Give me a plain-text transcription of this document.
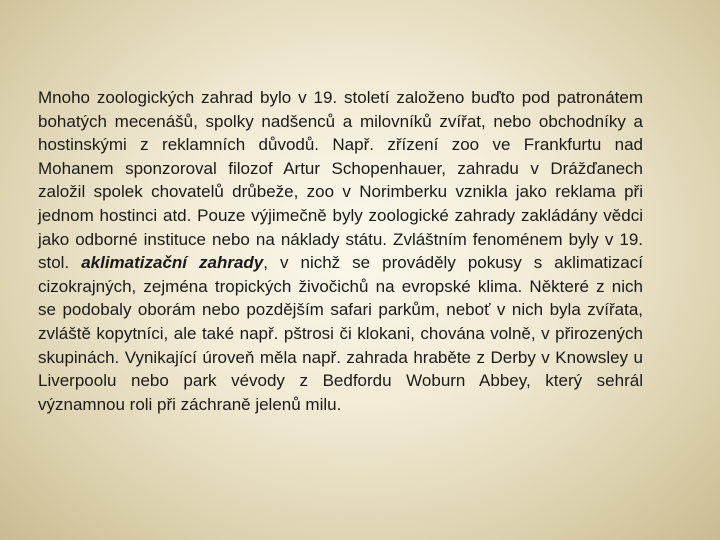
Mnoho zoologických zahrad bylo v 19. století založeno buďto pod patronátem bohatých mecenášů, spolky nadšenců a milovníků zvířat, nebo obchodníky a hostinskými z reklamních důvodů. Např. zřízení zoo ve Frankfurtu nad Mohanem sponzoroval filozof Artur Schopenhauer, zahradu v Drážďanech založil spolek chovatelů drůbeže, zoo v Norimberku vznikla jako reklama při jednom hostinci atd. Pouze výjimečně byly zoologické zahrady zakládány vědci jako odborné instituce nebo na náklady státu. Zvláštním fenoménem byly v 19. stol. aklimatizační zahrady, v nichž se prováděly pokusy s aklimatizací cizokrajných, zejména tropických živočichů na evropské klima. Některé z nich se podobaly oborám nebo pozdějším safari parkům, neboť v nich byla zvířata, zvláště kopytníci, ale také např. pštrosi či klokani, chována volně, v přirozených skupinách. Vynikající úroveň měla např. zahrada hraběte z Derby v Knowsley u Liverpoolu nebo park vévody z Bedfordu Woburn Abbey, který sehrál významnou roli při záchraně jelenů milu.
